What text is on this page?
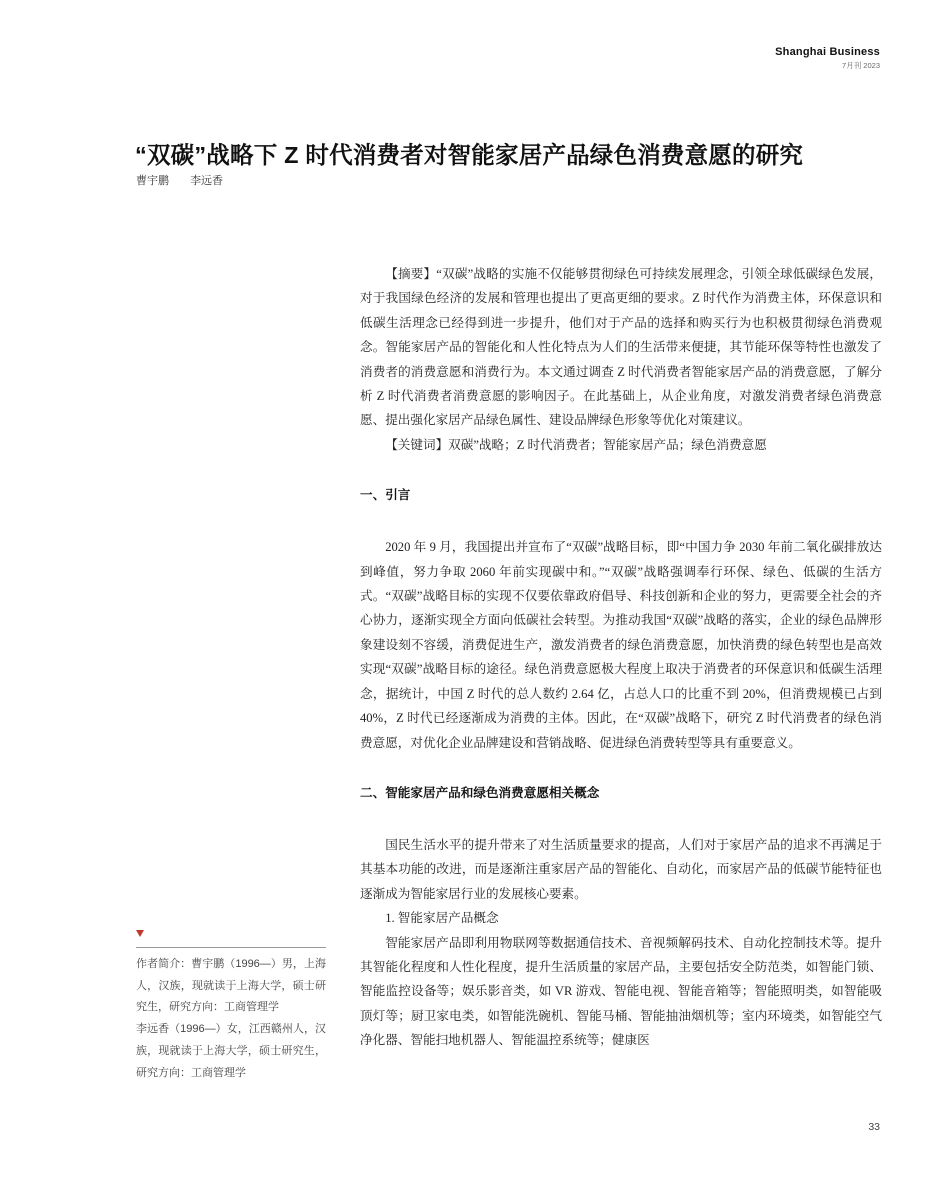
Shanghai Business
7月刊 2023
“双碳”战略下 Z 时代消费者对智能家居产品绿色消费意愿的研究
曹宇鹏 李远香

【摘要】“双碳”战略的实施不仅能够贯彻绿色可持续发展理念，引领全球低碳绿色发展，对于我国绿色经济的发展和管理也提出了更高更细的要求。Z 时代作为消费主体，环保意识和低碳生活理念已经得到进一步提升，他们对于产品的选择和购买行为也积极贯彻绿色消费观念。智能家居产品的智能化和人性化特点为人们的生活带来便捷，其节能环保等特性也激发了消费者的消费意愿和消费行为。本文通过调查 Z 时代消费者智能家居产品的消费意愿，了解分析 Z 时代消费者消费意愿的影响因子。在此基础上，从企业角度，对激发消费者绿色消费意愿、提出强化家居产品绿色属性、建设品牌绿色形象等优化对策建议。

【关键词】双碳”战略；Z 时代消费者；智能家居产品；绿色消费意愿

一、引言

2020 年 9 月，我国提出并宣布了“双碳”战略目标，即“中国力争 2030 年前二氧化碳排放达到峰值，努力争取 2060 年前实现碳中和。”“双碳”战略强调奉行环保、绿色、低碳的生活方式。“双碳”战略目标的实现不仅要依靠政府倡导、科技创新和企业的努力，更需要全社会的齐心协力，逐渐实现全方面向低碳社会转型。为推动我国“双碳”战略的落实，企业的绿色品牌形象建设刻不容缓，消费促进生产，激发消费者的绿色消费意愿，加快消费的绿色转型也是高效实现“双碳”战略目标的途径。绿色消费意愿极大程度上取决于消费者的环保意识和低碳生活理念，据统计，中国 Z 时代的总人数约 2.64 亿，占总人口的比重不到 20%，但消费规模已占到 40%，Z 时代已经逐渐成为消费的主体。因此，在“双碳”战略下，研究 Z 时代消费者的绿色消费意愿，对优化企业品牌建设和营销战略、促进绿色消费转型等具有重要意义。

二、智能家居产品和绿色消费意愿相关概念

国民生活水平的提升带来了对生活质量要求的提高，人们对于家居产品的追求不再满足于其基本功能的改进，而是逐渐注重家居产品的智能化、自动化，而家居产品的低碳节能特征也逐渐成为智能家居行业的发展核心要素。

1. 智能家居产品概念

智能家居产品即利用物联网等数据通信技术、音视频解码技术、自动化控制技术等。提升其智能化程度和人性化程度，提升生活质量的家居产品，主要包括安全防范类，如智能门锁、智能监控设备等；娱乐影音类，如 VR 游戏、智能电视、智能音箱等；智能照明类，如智能吸顶灯等；厨卫家电类，如智能洗碗机、智能马桶、智能抽油烟机等；室内环境类，如智能空气净化器、智能扫地机器人、智能温控系统等；健康医

作者简介：曹宇鹏（1996—）男，上海人，汉族，现就读于上海大学，硕士研究生，研究方向：工商管理学

李远香（1996—）女，江西赣州人，汉族，现就读于上海大学，硕士研究生，研究方向：工商管理学

33
